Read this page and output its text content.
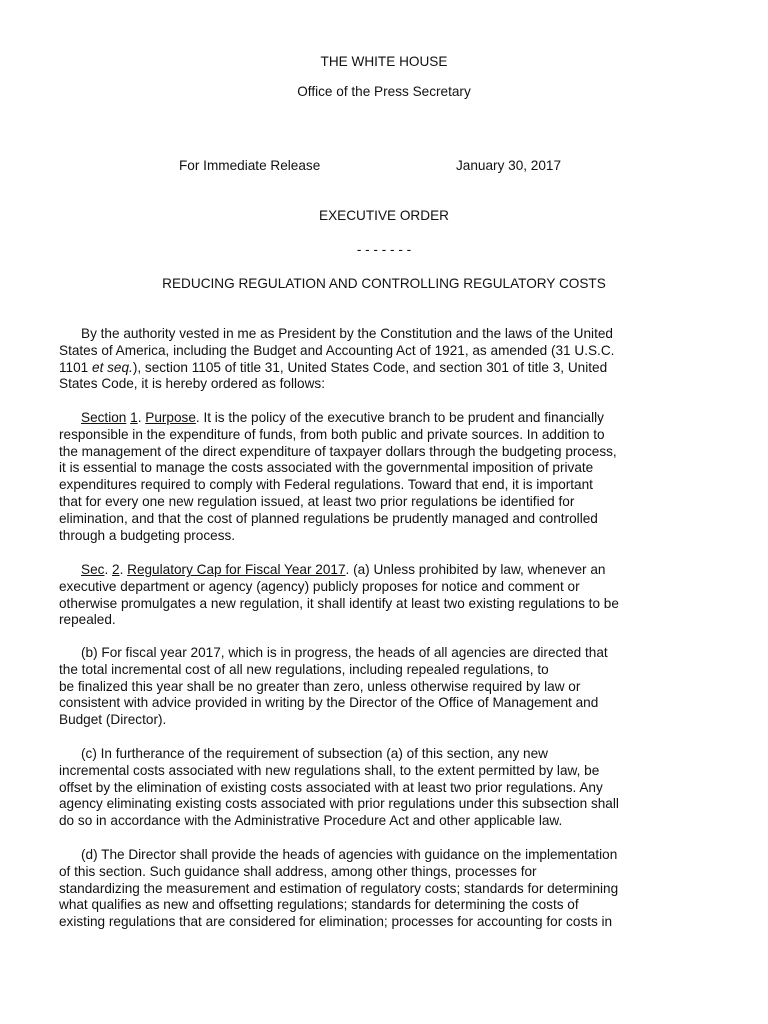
THE WHITE HOUSE
Office of the Press Secretary
For Immediate Release	January 30, 2017
EXECUTIVE ORDER
- - - - - - -
REDUCING REGULATION AND CONTROLLING REGULATORY COSTS
By the authority vested in me as President by the Constitution and the laws of the United
States of America, including the Budget and Accounting Act of 1921, as amended (31 U.S.C.
1101 et seq.), section 1105 of title 31, United States Code, and section 301 of title 3, United
States Code, it is hereby ordered as follows:
Section 1. Purpose. It is the policy of the executive branch to be prudent and financially
responsible in the expenditure of funds, from both public and private sources. In addition to
the management of the direct expenditure of taxpayer dollars through the budgeting process,
it is essential to manage the costs associated with the governmental imposition of private
expenditures required to comply with Federal regulations. Toward that end, it is important
that for every one new regulation issued, at least two prior regulations be identified for
elimination, and that the cost of planned regulations be prudently managed and controlled
through a budgeting process.
Sec. 2. Regulatory Cap for Fiscal Year 2017. (a) Unless prohibited by law, whenever an
executive department or agency (agency) publicly proposes for notice and comment or
otherwise promulgates a new regulation, it shall identify at least two existing regulations to be
repealed.
(b) For fiscal year 2017, which is in progress, the heads of all agencies are directed that
the total incremental cost of all new regulations, including repealed regulations, to
be finalized this year shall be no greater than zero, unless otherwise required by law or
consistent with advice provided in writing by the Director of the Office of Management and
Budget (Director).
(c) In furtherance of the requirement of subsection (a) of this section, any new
incremental costs associated with new regulations shall, to the extent permitted by law, be
offset by the elimination of existing costs associated with at least two prior regulations. Any
agency eliminating existing costs associated with prior regulations under this subsection shall
do so in accordance with the Administrative Procedure Act and other applicable law.
(d) The Director shall provide the heads of agencies with guidance on the implementation
of this section. Such guidance shall address, among other things, processes for
standardizing the measurement and estimation of regulatory costs; standards for determining
what qualifies as new and offsetting regulations; standards for determining the costs of
existing regulations that are considered for elimination; processes for accounting for costs in
